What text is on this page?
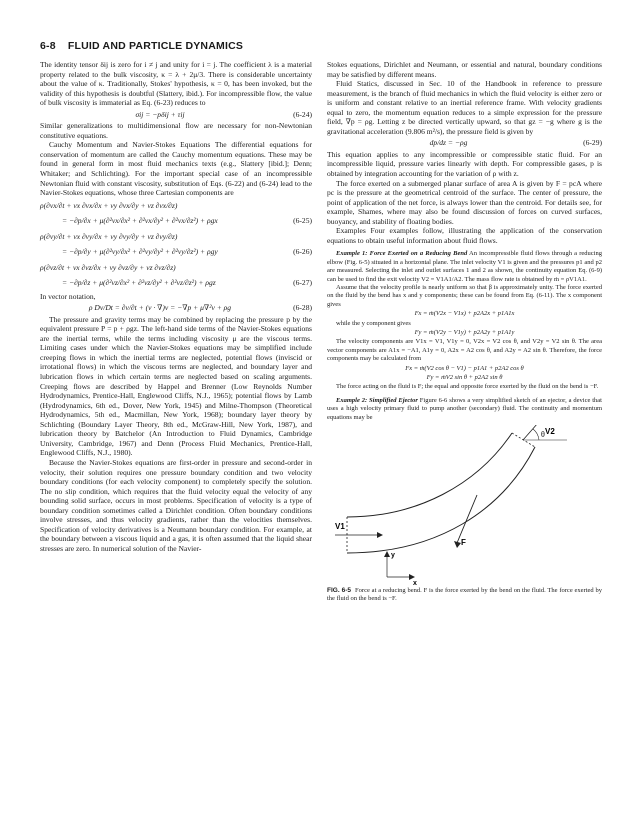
6-8 FLUID AND PARTICLE DYNAMICS

The identity tensor δij is zero for i ≠ j and unity for i = j. The coefficient λ is a material property related to the bulk viscosity, κ = λ + 2μ/3. There is considerable uncertainty about the value of κ. Traditionally, Stokes' hypothesis, κ = 0, has been invoked, but the validity of this hypothesis is doubtful (Slattery, ibid.). For incompressible flow, the value of bulk viscosity is immaterial as Eq. (6-23) reduces to

σij = −pδij + τij	(6-24)

Similar generalizations to multidimensional flow are necessary for non-Newtonian constitutive equations.

Cauchy Momentum and Navier-Stokes Equations The differential equations for conservation of momentum are called the Cauchy momentum equations. These may be found in general form in most fluid mechanics texts (e.g., Slattery [ibid.]; Denn; Whitaker; and Schlichting). For the important special case of an incompressible Newtonian fluid with constant viscosity, substitution of Eqs. (6-22) and (6-24) lead to the Navier-Stokes equations, whose three Cartesian components are

ρ(∂vx/∂t + vx ∂vx/∂x + vy ∂vx/∂y + vz ∂vx/∂z)
= −∂p/∂x + μ(∂²vx/∂x² + ∂²vx/∂y² + ∂²vx/∂z²) + ρgx	(6-25)
ρ(∂vy/∂t + vx ∂vy/∂x + vy ∂vy/∂y + vz ∂vy/∂z)
= −∂p/∂y + μ(∂²vy/∂x² + ∂²vy/∂y² + ∂²vy/∂z²) + ρgy	(6-26)
ρ(∂vz/∂t + vx ∂vz/∂x + vy ∂vz/∂y + vz ∂vz/∂z)
= −∂p/∂z + μ(∂²vz/∂x² + ∂²vz/∂y² + ∂²vz/∂z²) + ρgz	(6-27)

In vector notation,

ρ Dv/Dt = ∂v/∂t + (v · ∇)v = −∇p + μ∇²v + ρg	(6-28)

The pressure and gravity terms may be combined by replacing the pressure p by the equivalent pressure P = p + ρgz. The left-hand side terms of the Navier-Stokes equations are the inertial terms, while the terms including viscosity μ are the viscous terms. Limiting cases under which the Navier-Stokes equations may be simplified include creeping flows in which the inertial terms are neglected, potential flows (inviscid or irrotational flows) in which the viscous terms are neglected, and boundary layer and lubrication flows in which certain terms are neglected based on scaling arguments. Creeping flows are described by Happel and Brenner (Low Reynolds Number Hydrodynamics, Prentice-Hall, Englewood Cliffs, N.J., 1965); potential flows by Lamb (Hydrodynamics, 6th ed., Dover, New York, 1945) and Milne-Thompson (Theoretical Hydrodynamics, 5th ed., Macmillan, New York, 1968); boundary layer theory by Schlichting (Boundary Layer Theory, 8th ed., McGraw-Hill, New York, 1987), and lubrication theory by Batchelor (An Introduction to Fluid Dynamics, Cambridge University, Cambridge, 1967) and Denn (Process Fluid Mechanics, Prentice-Hall, Englewood Cliffs, N.J., 1980).

Because the Navier-Stokes equations are first-order in pressure and second-order in velocity, their solution requires one pressure boundary condition and two velocity boundary conditions (for each velocity component) to completely specify the solution. The no slip condition, which requires that the fluid velocity equal the velocity of any bounding solid surface, occurs in most problems. Specification of velocity is a type of boundary condition sometimes called a Dirichlet condition. Often boundary conditions involve stresses, and thus velocity gradients, rather than the velocities themselves. Specification of velocity derivatives is a Neumann boundary condition. For example, at the boundary between a viscous liquid and a gas, it is often assumed that the liquid shear stresses are zero. In numerical solution of the Navier-

Stokes equations, Dirichlet and Neumann, or essential and natural, boundary conditions may be satisfied by different means.

Fluid Statics, discussed in Sec. 10 of the Handbook in reference to pressure measurement, is the branch of fluid mechanics in which the fluid velocity is either zero or is uniform and constant relative to an inertial reference frame. With velocity gradients equal to zero, the momentum equation reduces to a simple expression for the pressure field, ∇p = ρg. Letting z be directed vertically upward, so that gz = −g where g is the gravitational acceleration (9.806 m²/s), the pressure field is given by

dp/dz = −ρg	(6-29)

This equation applies to any incompressible or compressible static fluid. For an incompressible liquid, pressure varies linearly with depth. For compressible gases, p is obtained by integration accounting for the variation of ρ with z.

The force exerted on a submerged planar surface of area A is given by F = pcA where pc is the pressure at the geometrical centroid of the surface. The center of pressure, the point of application of the net force, is always lower than the centroid. For details see, for example, Shames, where may also be found discussion of forces on curved surfaces, buoyancy, and stability of floating bodies.

Examples Four examples follow, illustrating the application of the conservation equations to obtain useful information about fluid flows.

Example 1: Force Exerted on a Reducing Bend An incompressible fluid flows through a reducing elbow (Fig. 6-5) situated in a horizontal plane. The inlet velocity V1 is given and the pressures p1 and p2 are measured. Selecting the inlet and outlet surfaces 1 and 2 as shown, the continuity equation Eq. (6-9) can be used to find the exit velocity V2 = V1A1/A2. The mass flow rate is obtained by ṁ = ρV1A1.

Assume that the velocity profile is nearly uniform so that β is approximately unity. The force exerted on the fluid by the bend has x and y components; these can be found from Eq. (6-11). The x component gives

Fx = ṁ(V2x − V1x) + p2A2x + p1A1x

while the y component gives

Fy = ṁ(V2y − V1y) + p2A2y + p1A1y

The velocity components are V1x = V1, V1y = 0, V2x = V2 cos θ, and V2y = V2 sin θ. The area vector components are A1x = −A1, A1y = 0, A2x = A2 cos θ, and A2y = A2 sin θ. Therefore, the force components may be calculated from

Fx = ṁ(V2 cos θ − V1) − p1A1 + p2A2 cos θ
Fy = ṁV2 sin θ + p2A2 sin θ

The force acting on the fluid is F; the equal and opposite force exerted by the fluid on the bend is −F.

Example 2: Simplified Ejector Figure 6-6 shows a very simplified sketch of an ejector, a device that uses a high velocity primary fluid to pump another (secondary) fluid. The continuity and momentum equations may be

V2
θ
V1
F
y
x
FIG. 6-5 Force at a reducing bend. F is the force exerted by the bend on the fluid. The force exerted by the fluid on the bend is −F.
